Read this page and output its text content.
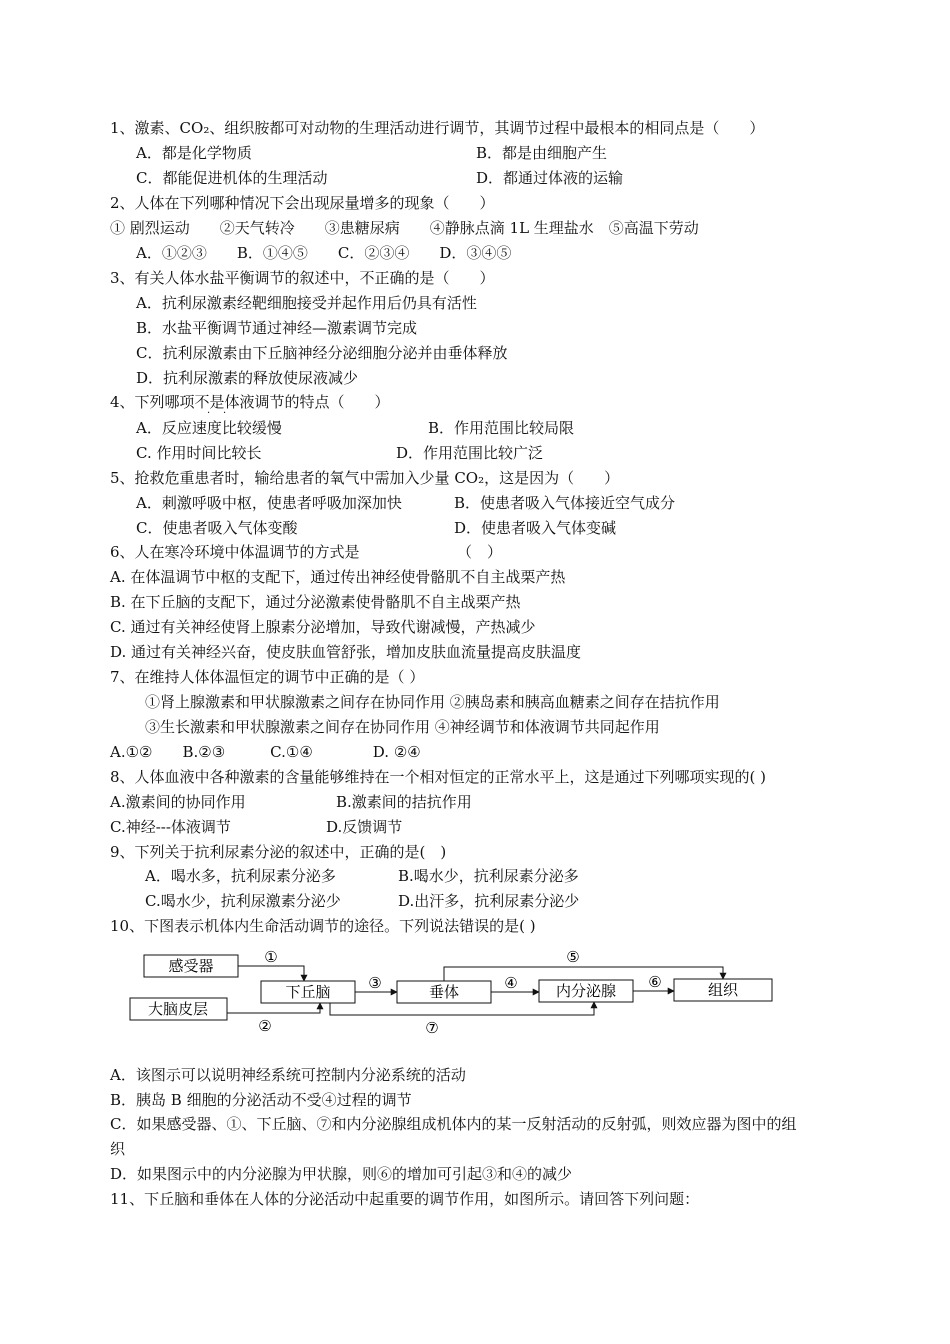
1、激素、CO₂、组织胺都可对动物的生理活动进行调节，其调节过程中最根本的相同点是（　　）
A．都是化学物质	B．都是由细胞产生
C．都能促进机体的生理活动	D．都通过体液的运输
2、人体在下列哪种情况下会出现尿量增多的现象（　　）
① 剧烈运动　　②天气转冷　　③患糖尿病　　④静脉点滴 1L 生理盐水　⑤高温下劳动
A．①②③　　B．①④⑤　　C．②③④　　D．③④⑤
3、有关人体水盐平衡调节的叙述中，不正确的是（　　）
A．抗利尿激素经靶细胞接受并起作用后仍具有活性
B．水盐平衡调节通过神经—激素调节完成
C．抗利尿激素由下丘脑神经分泌细胞分泌并由垂体释放
D．抗利尿激素的释放使尿液减少
4、下列哪项不是体液调节的特点（　　）
· ·
A．反应速度比较缓慢	B．作用范围比较局限
C. 作用时间比较长	D．作用范围比较广泛
5、抢救危重患者时，输给患者的氧气中需加入少量 CO₂，这是因为（　　）
A．刺激呼吸中枢，使患者呼吸加深加快	B．使患者吸入气体接近空气成分
C．使患者吸入气体变酸	D．使患者吸入气体变碱
6、人在寒冷环境中体温调节的方式是　　　　　　　（　）
A. 在体温调节中枢的支配下，通过传出神经使骨骼肌不自主战栗产热
B. 在下丘脑的支配下，通过分泌激素使骨骼肌不自主战栗产热
C. 通过有关神经使肾上腺素分泌增加，导致代谢减慢，产热减少
D. 通过有关神经兴奋，使皮肤血管舒张，增加皮肤血流量提高皮肤温度
7、在维持人体体温恒定的调节中正确的是（ ）
①肾上腺激素和甲状腺激素之间存在协同作用 ②胰岛素和胰高血糖素之间存在拮抗作用
③生长激素和甲状腺激素之间存在协同作用 ④神经调节和体液调节共同起作用
A.①②　　B.②③　　　C.①④　　　　D. ②④
8、人体血液中各种激素的含量能够维持在一个相对恒定的正常水平上，这是通过下列哪项实现的( )
A.激素间的协同作用	B.激素间的拮抗作用
C.神经---体液调节	D.反馈调节
9、下列关于抗利尿素分泌的叙述中，正确的是(　)
A．喝水多，抗利尿素分泌多	B.喝水少，抗利尿素分泌多
C.喝水少，抗利尿激素分泌少	D.出汗多，抗利尿素分泌少
10、下图表示机体内生命活动调节的途径。下列说法错误的是( )
感受器
大脑皮层
下丘脑	垂体	内分泌腺	组织
①
②
③	④
⑤
⑥
⑦
A．该图示可以说明神经系统可控制内分泌系统的活动
B．胰岛 B 细胞的分泌活动不受④过程的调节
C．如果感受器、①、下丘脑、⑦和内分泌腺组成机体内的某一反射活动的反射弧，则效应器为图中的组
织
D．如果图示中的内分泌腺为甲状腺，则⑥的增加可引起③和④的减少
11、下丘脑和垂体在人体的分泌活动中起重要的调节作用，如图所示。请回答下列问题：
